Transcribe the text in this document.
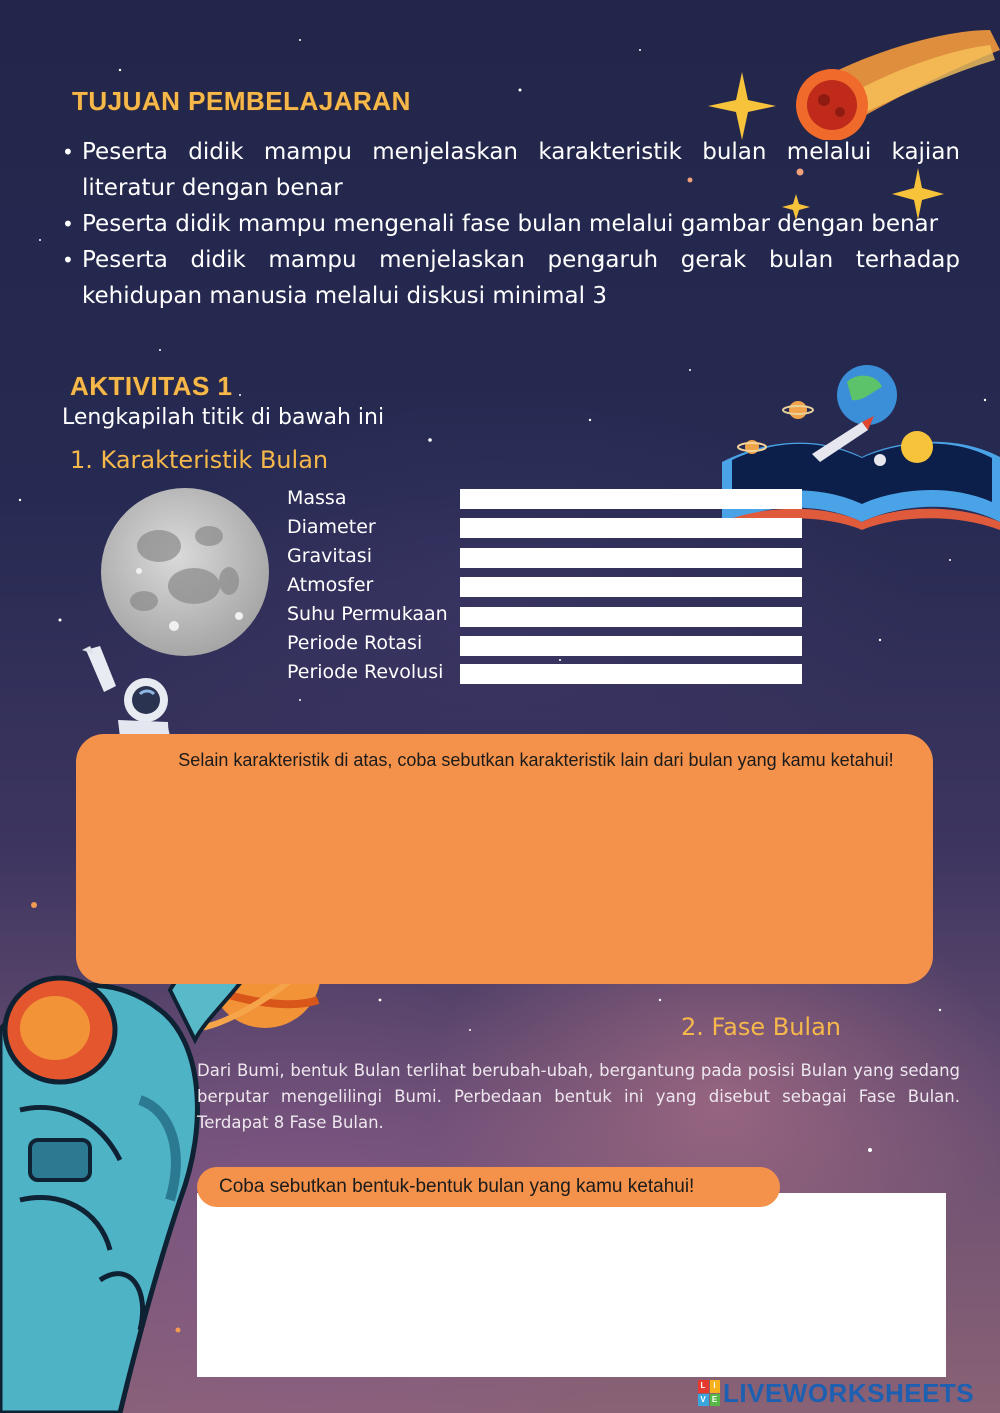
TUJUAN PEMBELAJARAN
• Peserta didik mampu menjelaskan karakteristik bulan melalui kajian literatur dengan benar
• Peserta didik mampu mengenali fase bulan melalui gambar dengan benar
• Peserta didik mampu menjelaskan pengaruh gerak bulan terhadap kehidupan manusia melalui diskusi minimal 3
AKTIVITAS 1
Lengkapilah titik di bawah ini
1. Karakteristik Bulan
Massa
Diameter
Gravitasi
Atmosfer
Suhu Permukaan
Periode Rotasi
Periode Revolusi
Selain karakteristik di atas, coba sebutkan karakteristik lain dari bulan yang kamu ketahui!
2. Fase Bulan
Dari Bumi, bentuk Bulan terlihat berubah-ubah, bergantung pada posisi Bulan yang sedang berputar mengelilingi Bumi. Perbedaan bentuk ini yang disebut sebagai Fase Bulan. Terdapat 8 Fase Bulan.
Coba sebutkan bentuk-bentuk bulan yang kamu ketahui!
L I
V E LIVEWORKSHEETS
